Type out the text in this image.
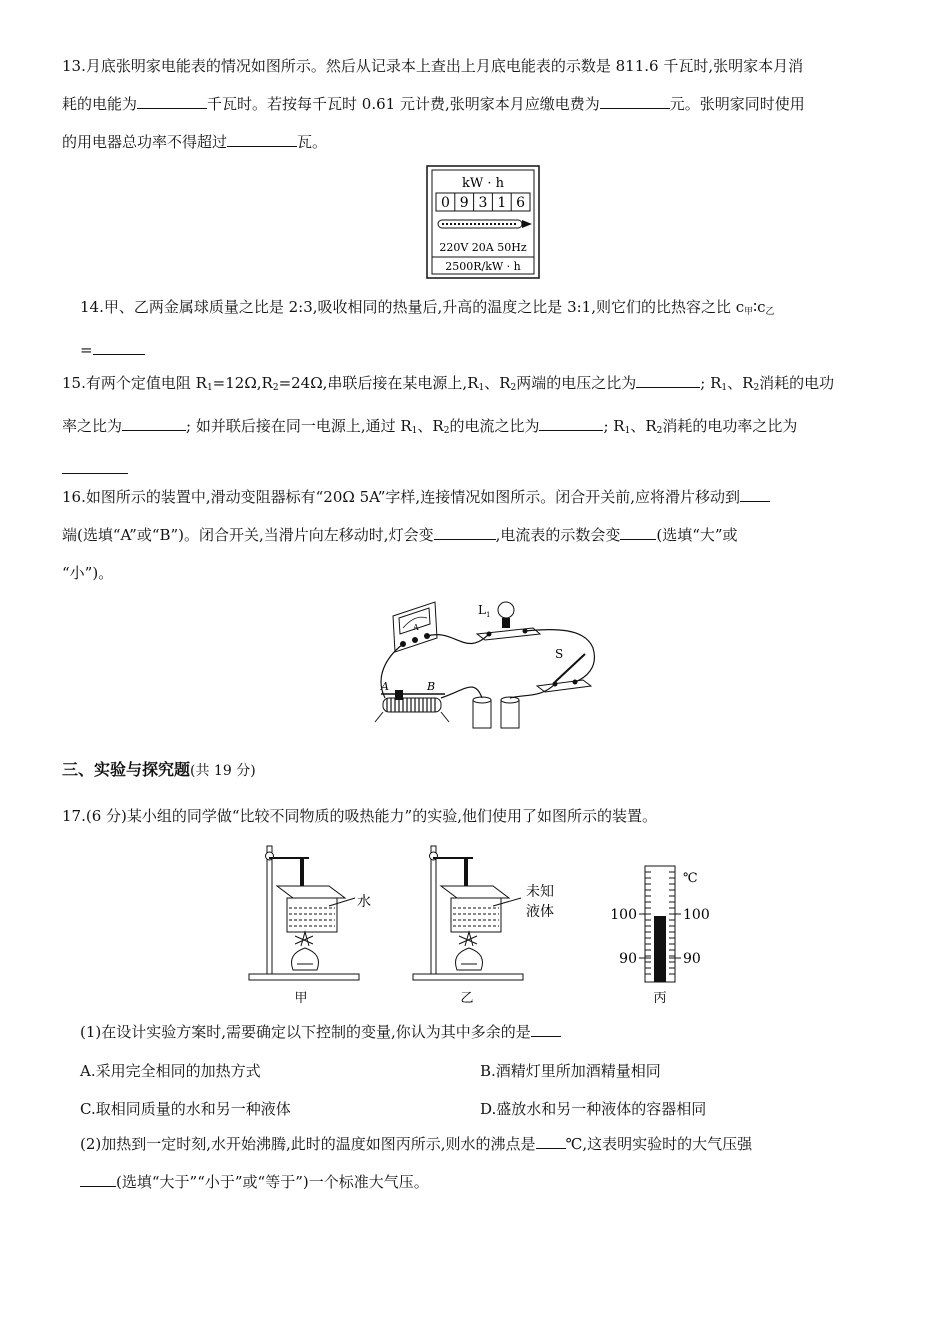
13.月底张明家电能表的情况如图所示。然后从记录本上查出上月底电能表的示数是 811.6 千瓦时,张明家本月消
耗的电能为	千瓦时。若按每千瓦时 0.61 元计费,张明家本月应缴电费为	元。张明家同时使用
的用电器总功率不得超过	瓦。
kW · h
0 9 3 1 6
220V 20A 50Hz
2500R/kW · h
14.甲、乙两金属球质量之比是 2:3,吸收相同的热量后,升高的温度之比是 3:1,则它们的比热容之比 $c_甲∶c_乙$
=
15.有两个定值电阻 $R_1=12\Omega,R_2=24\Omega$,串联后接在某电源上$,R_1$、$R_2$两端的电压之比为	; $R_1$、$R_2$消耗的电功
率之比为	; 如并联后接在同一电源上,通过 $R_1$、$R_2$的电流之比为	; $R_1$、$R_2$消耗的电功率之比为
16.如图所示的装置中,滑动变阻器标有“20Ω 5A”字样,连接情况如图所示。闭合开关前,应将滑片移动到
端(选填“A”或“B”)。闭合开关,当滑片向左移动时,灯会变	,电流表的示数会变 (选填“大”或
“小”)。
A
L 1
S
A	B
三、实验与探究题(共 19 分)
17.(6 分)某小组的同学做“比较不同物质的吸热能力”的实验,他们使用了如图所示的装置。
水
甲
未知
液体
乙
℃
100
90
100
90
丙
(1)在设计实验方案时,需要确定以下控制的变量,你认为其中多余的是
A.采用完全相同的加热方式	B.酒精灯里所加酒精量相同
C.取相同质量的水和另一种液体	D.盛放水和另一种液体的容器相同
(2)加热到一定时刻,水开始沸腾,此时的温度如图丙所示,则水的沸点是 ℃,这表明实验时的大气压强
(选填“大于”“小于”或“等于”)一个标准大气压。
